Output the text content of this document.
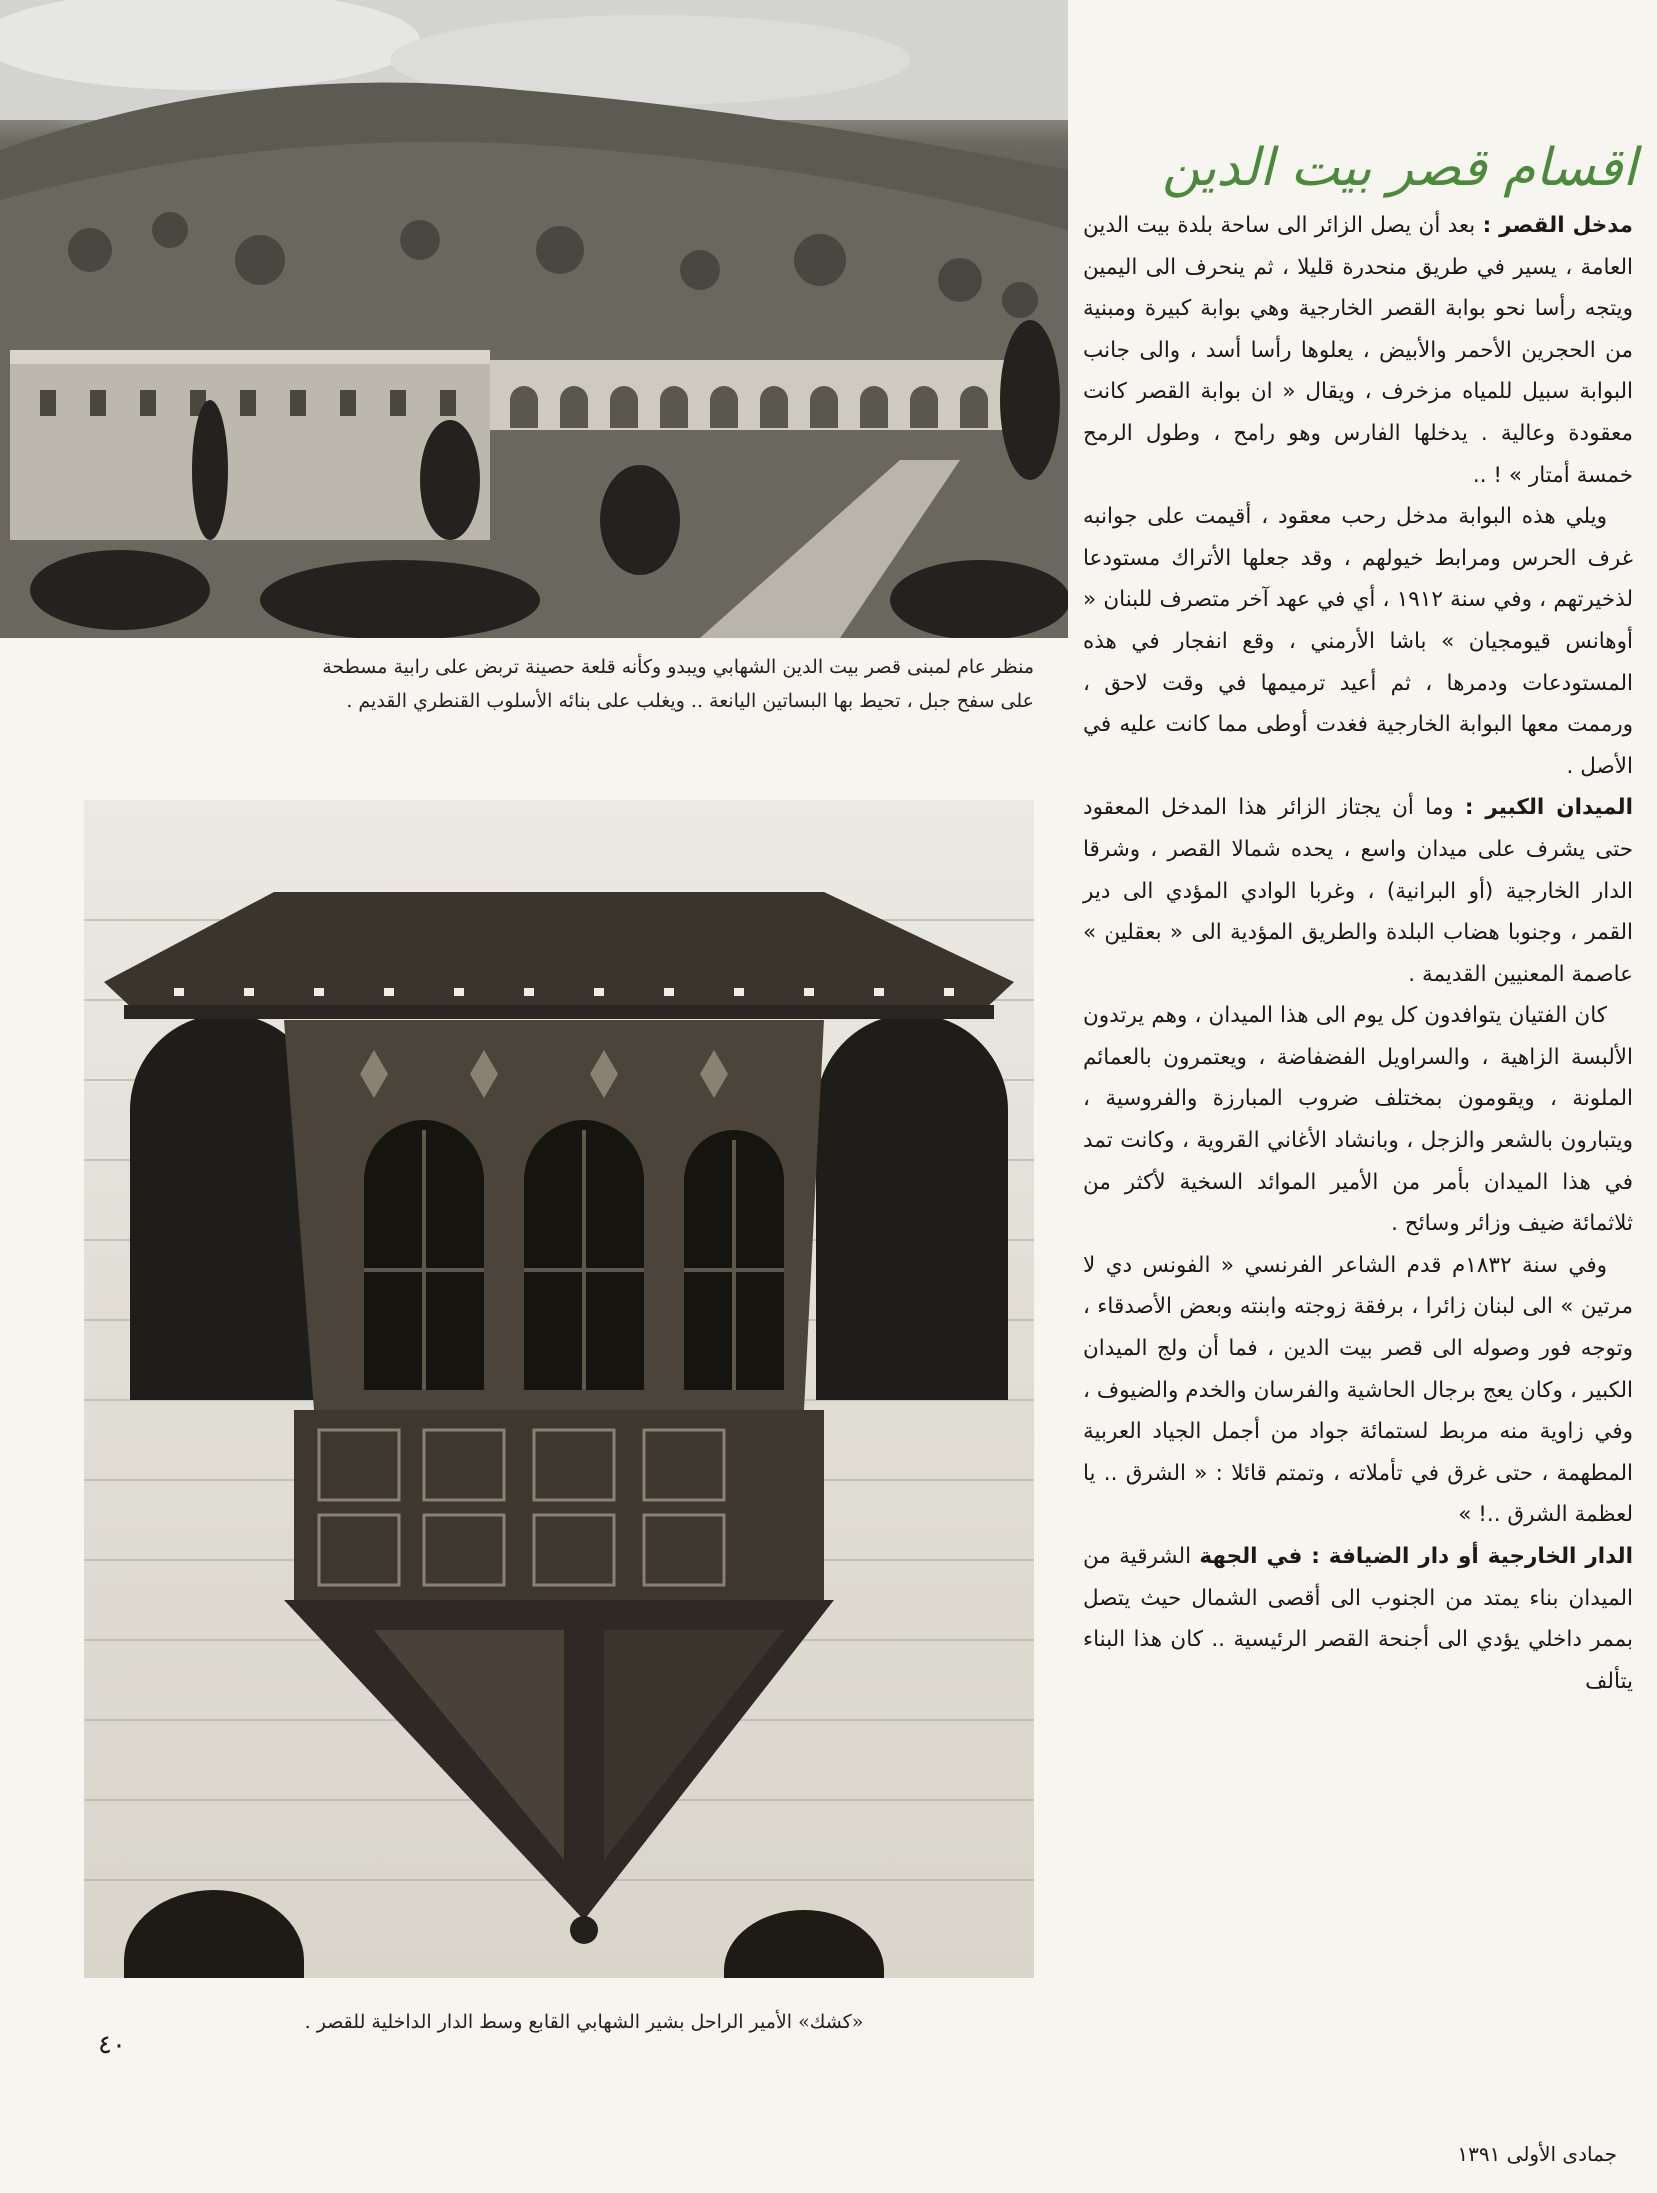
منظر عام لمبنى قصر بيت الدين الشهابي ويبدو وكأنه قلعة حصينة تربض على رابية مسطحة
على سفح جبل ، تحيط بها البساتين اليانعة .. ويغلب على بنائه الأسلوب القنطري القديم .
«كشك» الأمير الراحل بشير الشهابي القابع وسط الدار الداخلية للقصر .
اقسام قصر بيت الدين

مدخل القصر : بعد أن يصل الزائر الى ساحة بلدة بيت الدين العامة ، يسير في طريق منحدرة قليلا ، ثم ينحرف الى اليمين ويتجه رأسا نحو بوابة القصر الخارجية وهي بوابة كبيرة ومبنية من الحجرين الأحمر والأبيض ، يعلوها رأسا أسد ، والى جانب البوابة سبيل للمياه مزخرف ، ويقال « ان بوابة القصر كانت معقودة وعالية . يدخلها الفارس وهو رامح ، وطول الرمح خمسة أمتار » ! ..

ويلي هذه البوابة مدخل رحب معقود ، أقيمت على جوانبه غرف الحرس ومرابط خيولهم ، وقد جعلها الأتراك مستودعا لذخيرتهم ، وفي سنة ١٩١٢ ، أي في عهد آخر متصرف للبنان « أوهانس قيومجيان » باشا الأرمني ، وقع انفجار في هذه المستودعات ودمرها ، ثم أعيد ترميمها في وقت لاحق ، ورممت معها البوابة الخارجية فغدت أوطى مما كانت عليه في الأصل .

الميدان الكبير : وما أن يجتاز الزائر هذا المدخل المعقود حتى يشرف على ميدان واسع ، يحده شمالا القصر ، وشرقا الدار الخارجية (أو البرانية) ، وغربا الوادي المؤدي الى دير القمر ، وجنوبا هضاب البلدة والطريق المؤدية الى « بعقلين » عاصمة المعنيين القديمة .

كان الفتيان يتوافدون كل يوم الى هذا الميدان ، وهم يرتدون الألبسة الزاهية ، والسراويل الفضفاضة ، ويعتمرون بالعمائم الملونة ، ويقومون بمختلف ضروب المبارزة والفروسية ، ويتبارون بالشعر والزجل ، وبانشاد الأغاني القروية ، وكانت تمد في هذا الميدان بأمر من الأمير الموائد السخية لأكثر من ثلاثمائة ضيف وزائر وسائح .

وفي سنة ١٨٣٢م قدم الشاعر الفرنسي « الفونس دي لا مرتين » الى لبنان زائرا ، برفقة زوجته وابنته وبعض الأصدقاء ، وتوجه فور وصوله الى قصر بيت الدين ، فما أن ولج الميدان الكبير ، وكان يعج برجال الحاشية والفرسان والخدم والضيوف ، وفي زاوية منه مربط لستمائة جواد من أجمل الجياد العربية المطهمة ، حتى غرق في تأملاته ، وتمتم قائلا : « الشرق .. يا لعظمة الشرق ..! »

الدار الخارجية أو دار الضيافة : في الجهة الشرقية من الميدان بناء يمتد من الجنوب الى أقصى الشمال حيث يتصل بممر داخلي يؤدي الى أجنحة القصر الرئيسية .. كان هذا البناء يتألف

٤٠
جمادى الأولى ١٣٩١
